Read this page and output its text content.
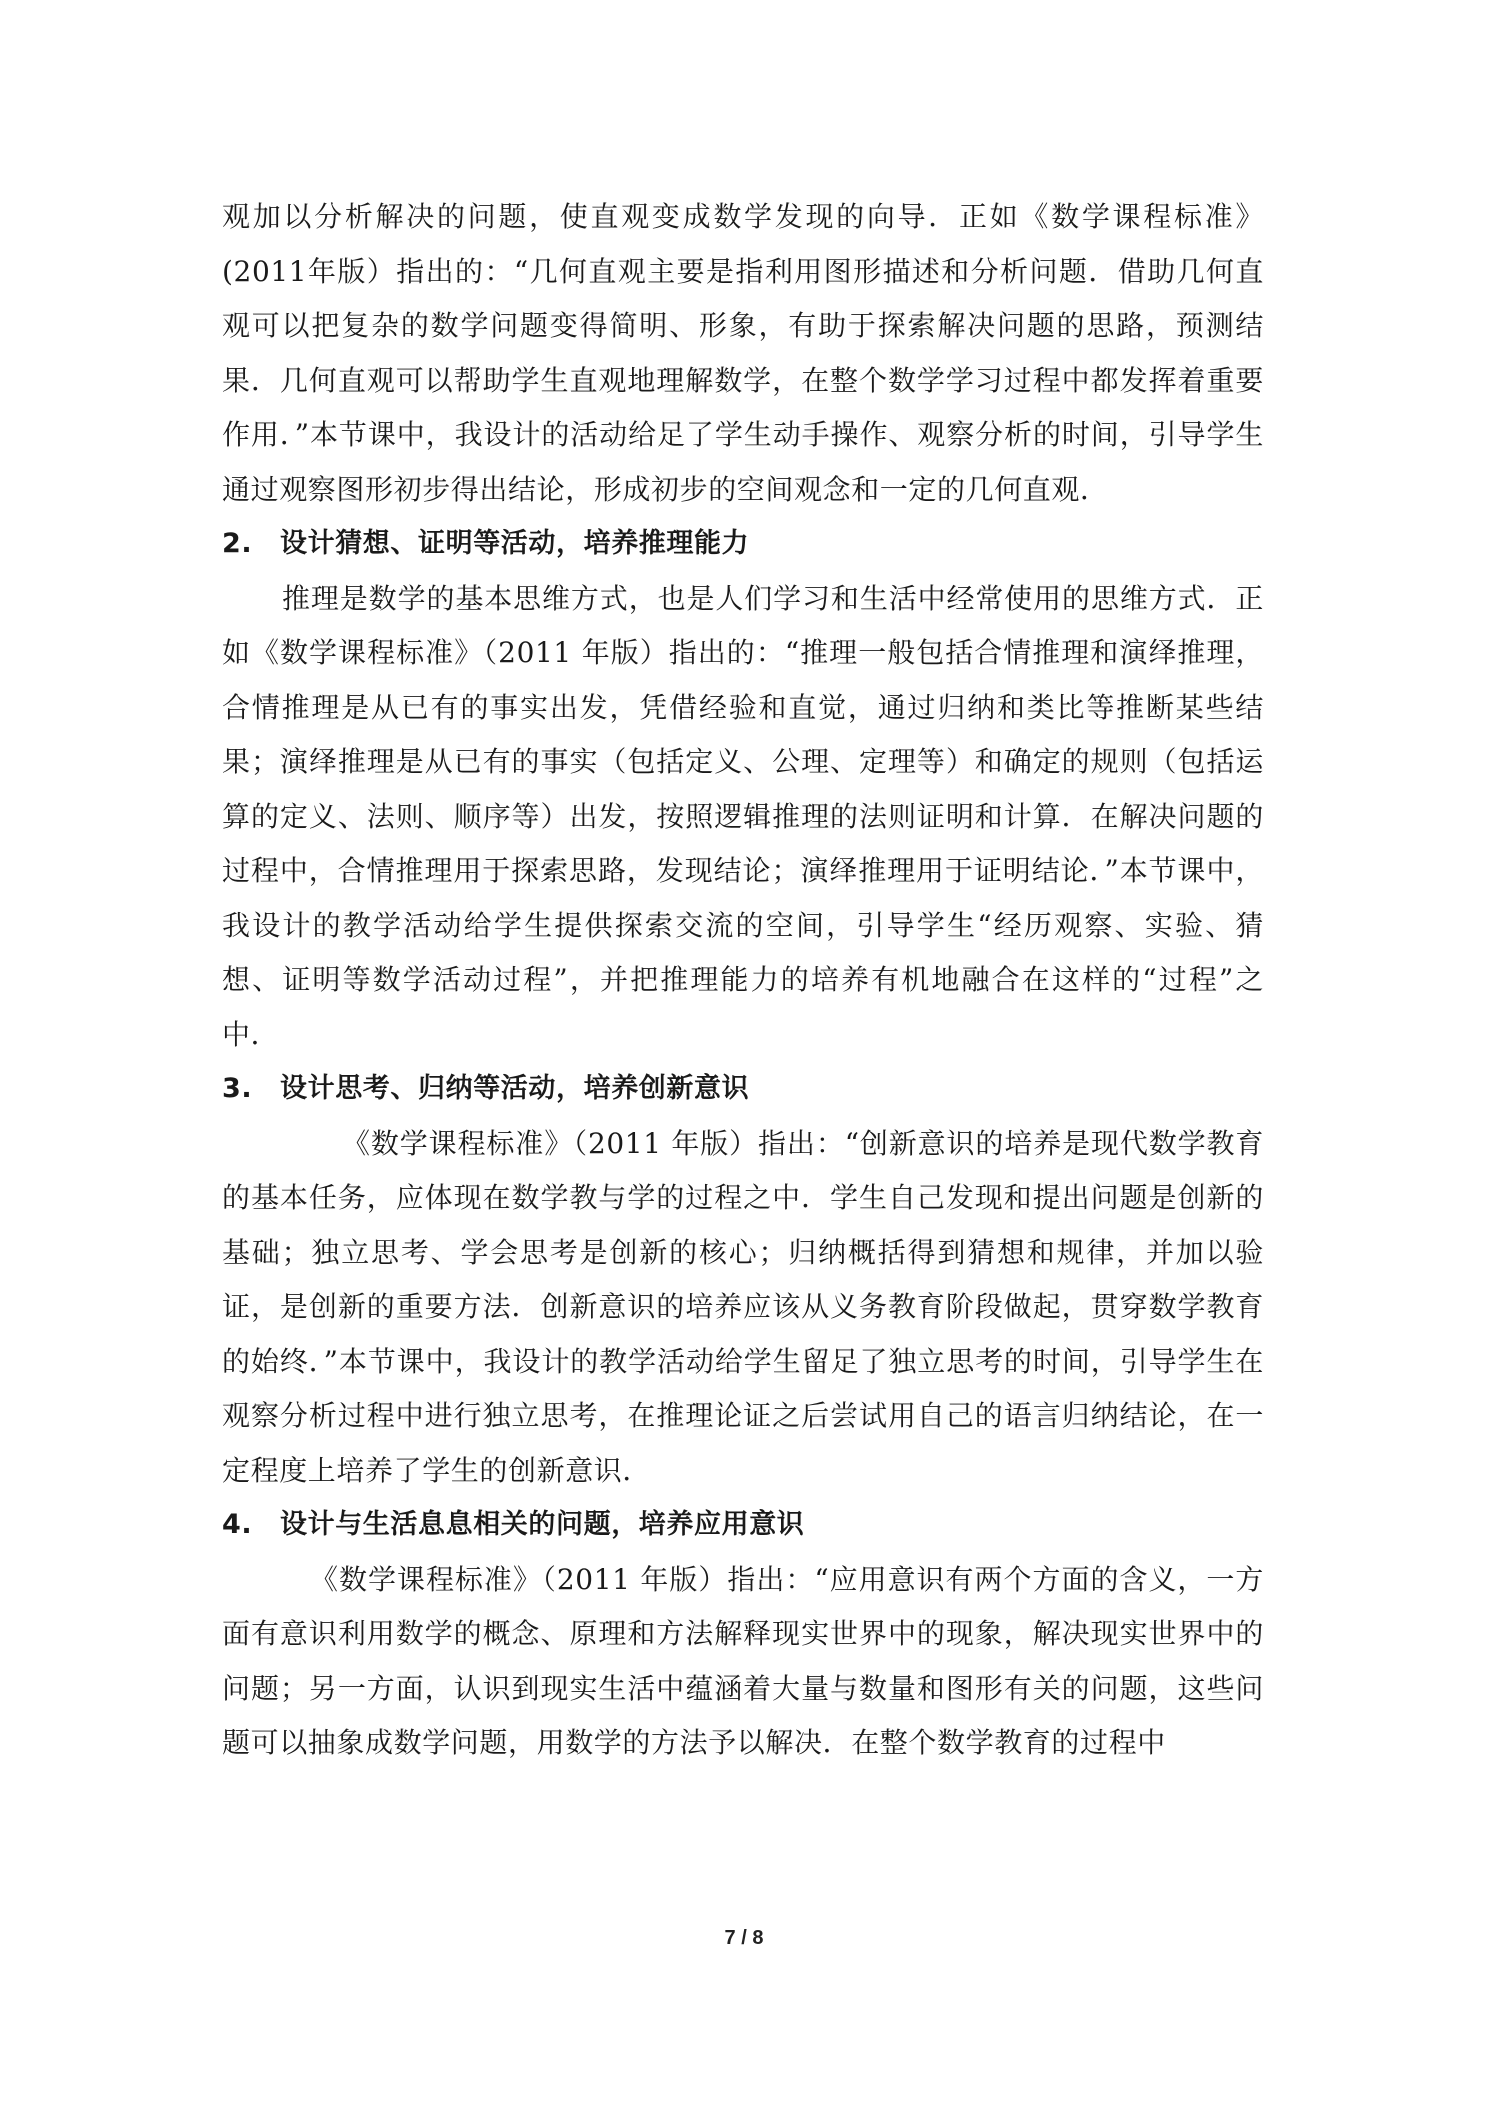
观加以分析解决的问题，使直观变成数学发现的向导．正如《数学课程标准》(2011年版）指出的：“几何直观主要是指利用图形描述和分析问题．借助几何直观可以把复杂的数学问题变得简明、形象，有助于探索解决问题的思路，预测结果．几何直观可以帮助学生直观地理解数学，在整个数学学习过程中都发挥着重要作用．”本节课中，我设计的活动给足了学生动手操作、观察分析的时间，引导学生通过观察图形初步得出结论，形成初步的空间观念和一定的几何直观．

2.	设计猜想、证明等活动，培养推理能力

推理是数学的基本思维方式，也是人们学习和生活中经常使用的思维方式．正如《数学课程标准》（2011 年版）指出的：“推理一般包括合情推理和演绎推理，合情推理是从已有的事实出发，凭借经验和直觉，通过归纳和类比等推断某些结果；演绎推理是从已有的事实（包括定义、公理、定理等）和确定的规则（包括运算的定义、法则、顺序等）出发，按照逻辑推理的法则证明和计算．在解决问题的过程中，合情推理用于探索思路，发现结论；演绎推理用于证明结论．”本节课中，我设计的教学活动给学生提供探索交流的空间，引导学生“经历观察、实验、猜想、证明等数学活动过程”，并把推理能力的培养有机地融合在这样的“过程”之中．

3.	设计思考、归纳等活动，培养创新意识

《数学课程标准》（2011 年版）指出：“创新意识的培养是现代数学教育的基本任务，应体现在数学教与学的过程之中．学生自己发现和提出问题是创新的基础；独立思考、学会思考是创新的核心；归纳概括得到猜想和规律，并加以验证，是创新的重要方法．创新意识的培养应该从义务教育阶段做起，贯穿数学教育的始终．”本节课中，我设计的教学活动给学生留足了独立思考的时间，引导学生在观察分析过程中进行独立思考，在推理论证之后尝试用自己的语言归纳结论，在一定程度上培养了学生的创新意识．

4.	设计与生活息息相关的问题，培养应用意识

《数学课程标准》（2011 年版）指出：“应用意识有两个方面的含义，一方面有意识利用数学的概念、原理和方法解释现实世界中的现象，解决现实世界中的问题；另一方面，认识到现实生活中蕴涵着大量与数量和图形有关的问题，这些问题可以抽象成数学问题，用数学的方法予以解决．在整个数学教育的过程中

7 / 8
